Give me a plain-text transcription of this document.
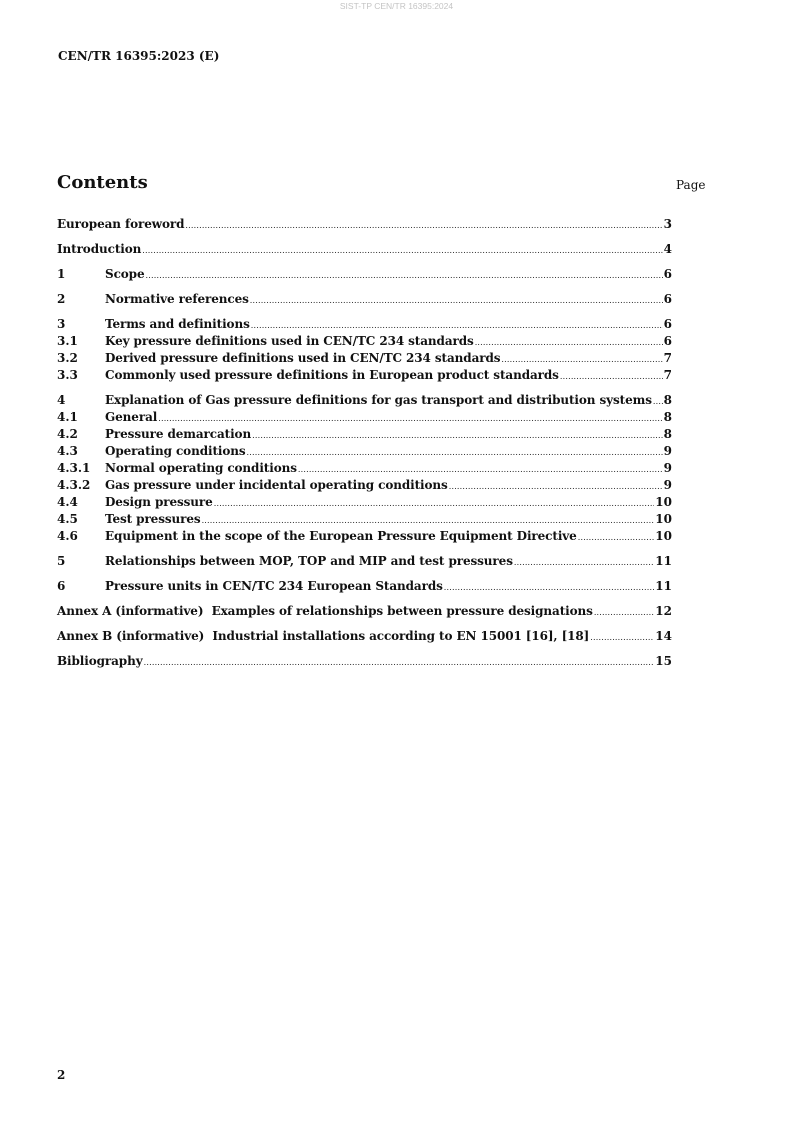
SIST-TP CEN/TR 16395:2024
CEN/TR 16395:2023 (E)
Contents	Page
European foreword .....	3
Introduction .....	4
1	Scope .....	6
2	Normative references .....	6
3	Terms and definitions .....	6
3.1	Key pressure definitions used in CEN/TC 234 standards .....	6
3.2	Derived pressure definitions used in CEN/TC 234 standards .....	7
3.3	Commonly used pressure definitions in European product standards .....	7
4	Explanation of Gas pressure definitions for gas transport and distribution systems ..... 8
4.1	General .....	8
4.2	Pressure demarcation .....	8
4.3	Operating conditions .....	9
4.3.1	Normal operating conditions .....	9
4.3.2	Gas pressure under incidental operating conditions .....	9
4.4	Design pressure .....	10
4.5	Test pressures .....	10
4.6	Equipment in the scope of the European Pressure Equipment Directive .....	10
5	Relationships between MOP, TOP and MIP and test pressures .....	11
6	Pressure units in CEN/TC 234 European Standards .....	11
Annex A (informative)  Examples of relationships between pressure designations .....	12
Annex B (informative)  Industrial installations according to EN 15001 [16], [18] .....	14
Bibliography .....	15
2
